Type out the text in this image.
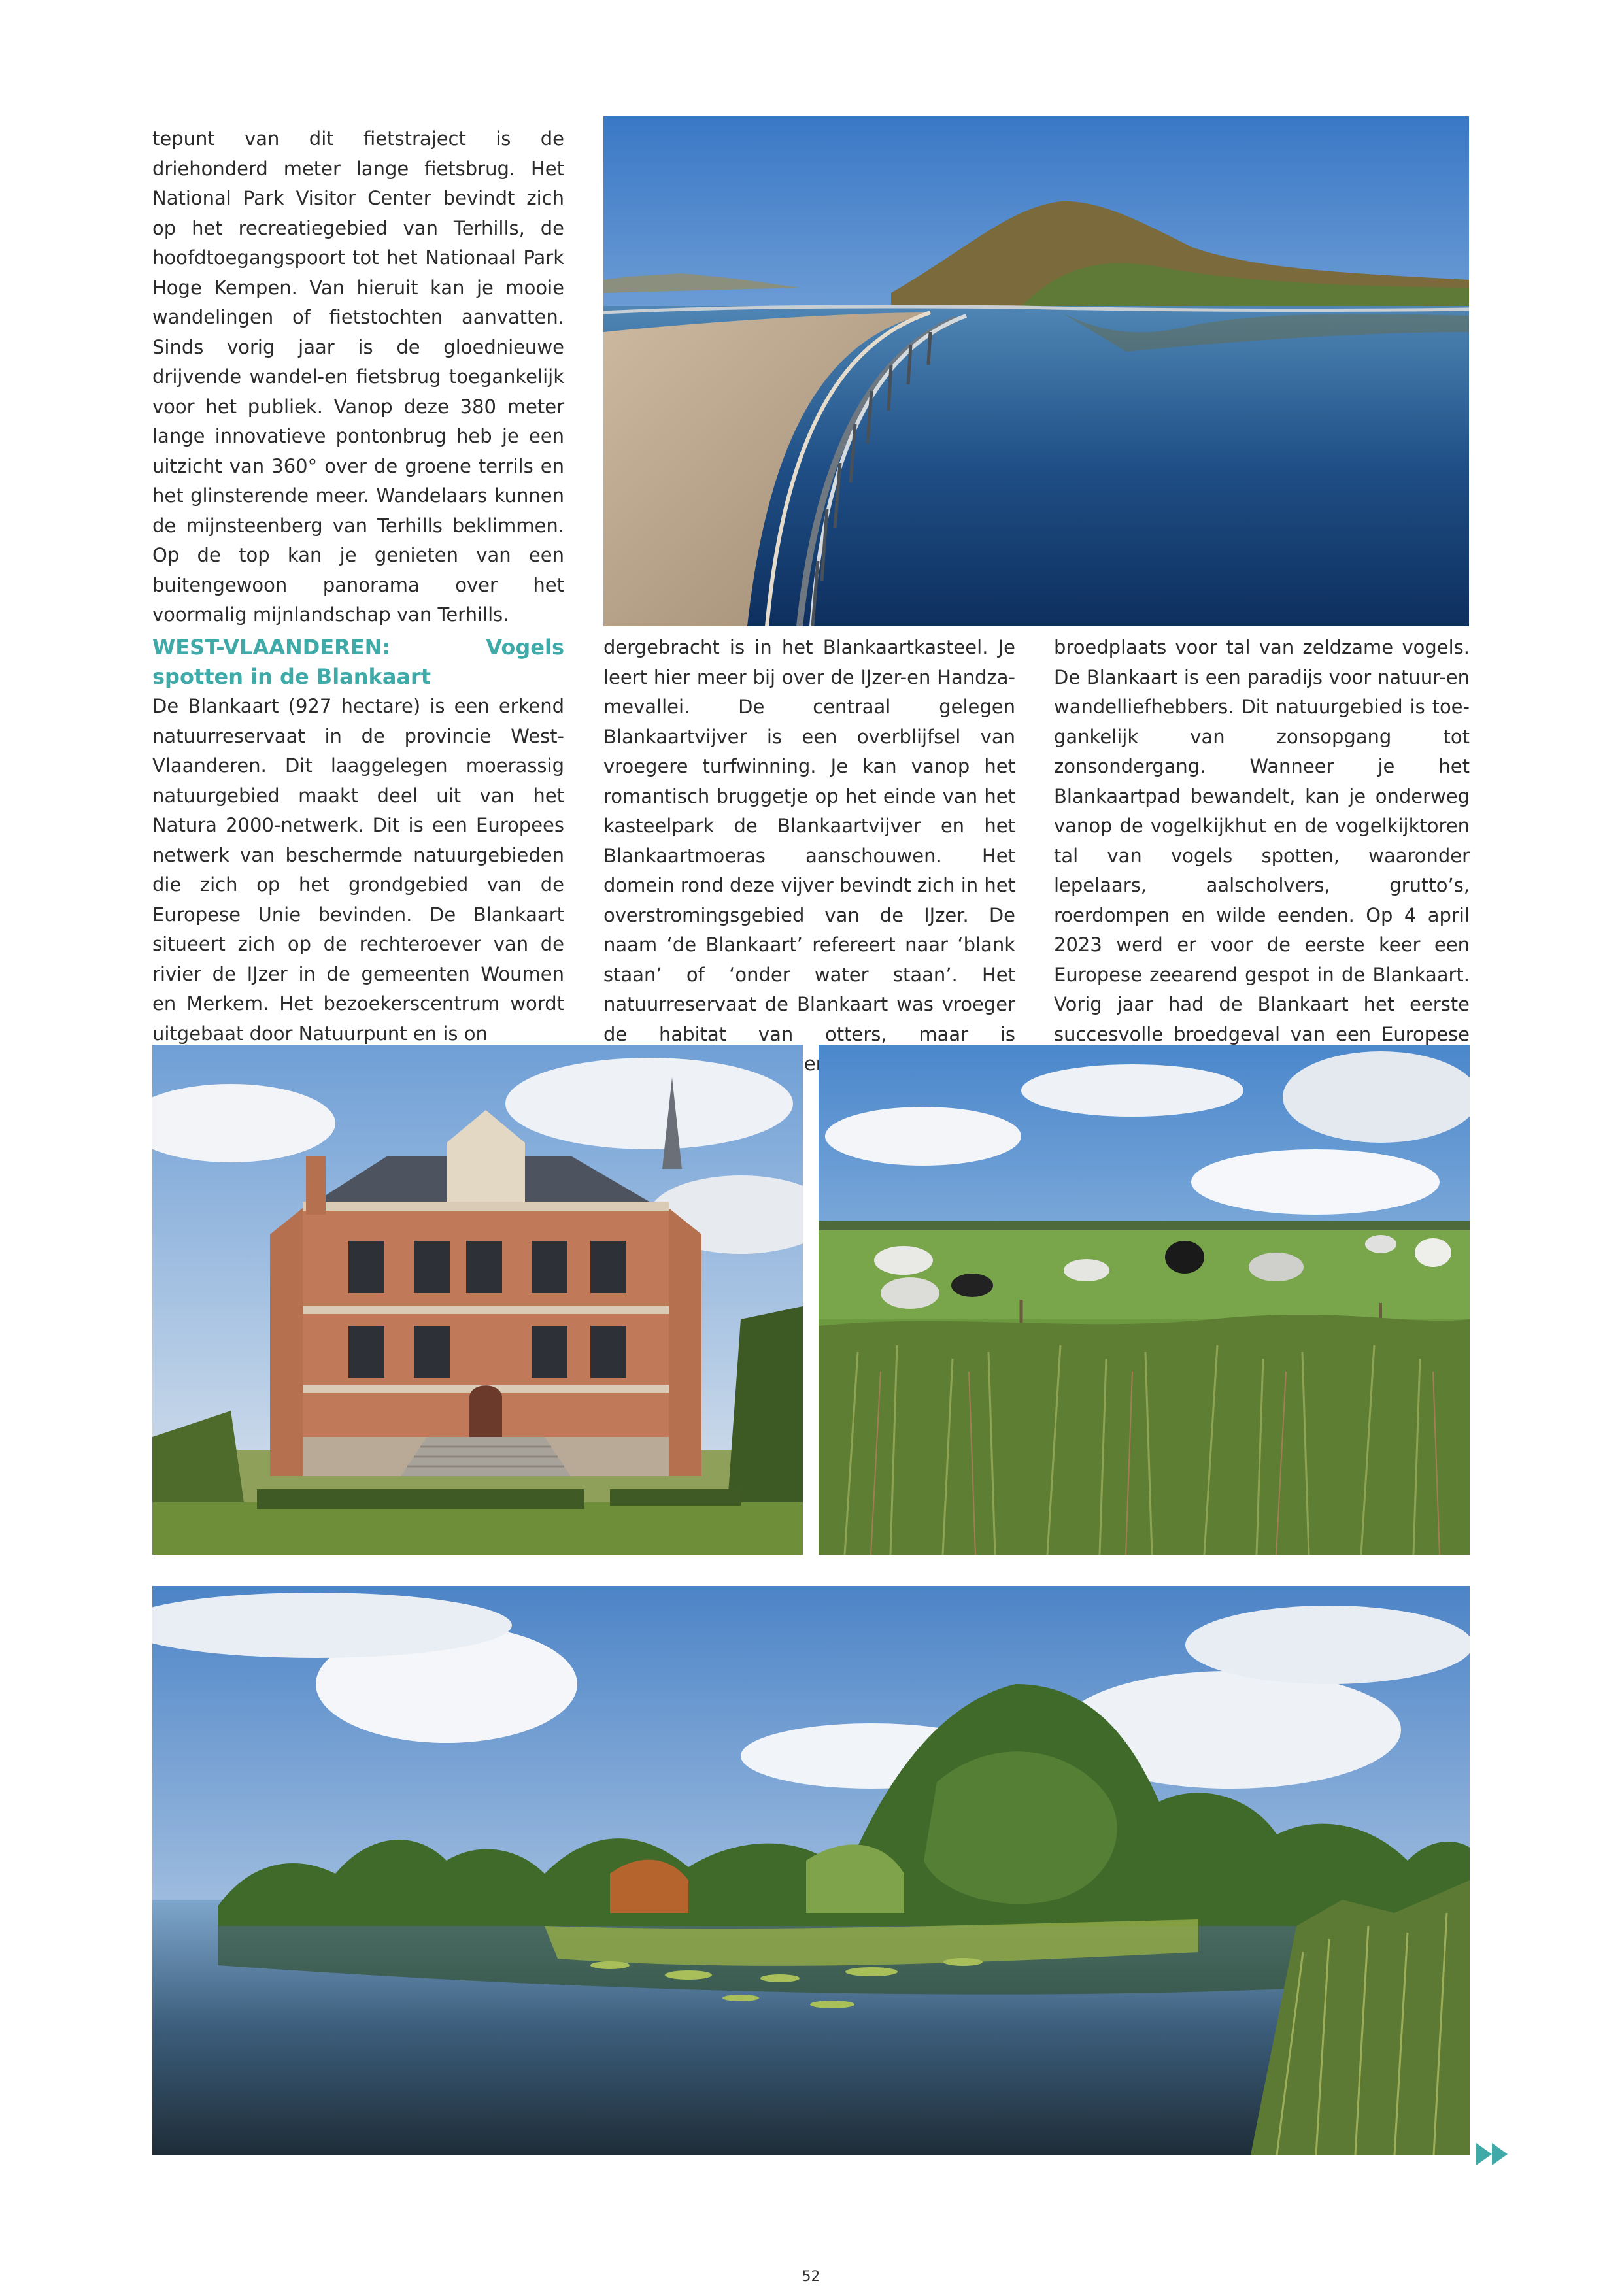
tepunt van dit fietstraject is de driehonderd meter lange fietsbrug. Het National Park Visitor Center bevindt zich op het recreatiegebied van Terhills, de hoofdtoegangspoort tot het Nationaal Park Hoge Kempen. Van hieruit kan je mooie wandelingen of fietstochten aanvatten. Sinds vorig jaar is de gloednieuwe drijvende wandel-en fietsbrug toegankelijk voor het publiek. Vanop deze 380 meter lange innovatieve pontonbrug heb je een uitzicht van 360° over de groene terrils en het glinsterende meer. Wandelaars kunnen de mijnsteenberg van Terhills beklimmen. Op de top kan je genieten van een buitengewoon panorama over het voormalig mijnlandschap van Terhills.

WEST-VLAANDEREN: Vogels spotten in de Blankaart

De Blankaart (927 hectare) is een erkend natuurreservaat in de provincie West- Vlaanderen. Dit laaggelegen moerassig natuurgebied maakt deel uit van het Natura 2000-netwerk. Dit is een Europees netwerk van beschermde natuurgebieden die zich op het grondgebied van de Europese Unie bevinden. De Blankaart situeert zich op de rechteroever van de rivier de IJzer in de gemeenten Woumen en Merkem. Het bezoekerscentrum wordt uitgebaat door Natuurpunt en is on

dergebracht is in het Blankaartkasteel. Je leert hier meer bij over de IJzer-en Handzamevallei. De centraal gelegen Blankaartvijver is een overblijfsel van vroegere turfwinning. Je kan vanop het romantisch bruggetje op het einde van het kasteelpark de Blankaartvijver en het Blankaartmoeras aanschouwen. Het domein rond deze vijver bevindt zich in het overstromingsgebied van de IJzer. De naam ‘de Blankaart’ refereert naar ‘blank staan’ of ‘onder water staan’. Het natuurreservaat de Blankaart was vroeger de habitat van otters, maar is

broedplaats voor tal van zeldzame vogels. De Blankaart is een paradijs voor natuur-en wandelliefhebbers. Dit natuurgebied is toegankelijk van zonsopgang tot zonsondergang. Wanneer je het Blankaartpad bewandelt, kan je onderweg vanop de vogelkijkhut en de vogelkijktoren tal van vogels spotten, waaronder lepelaars, aalscholvers, grutto’s, roerdompen en wilde eenden. Op 4 april 2023 werd er voor de eerste keer een Europese zeearend gespot in de Blankaart. Vorig jaar had de Blankaart het eerste succesvolle broedgeval van een Europese

52
